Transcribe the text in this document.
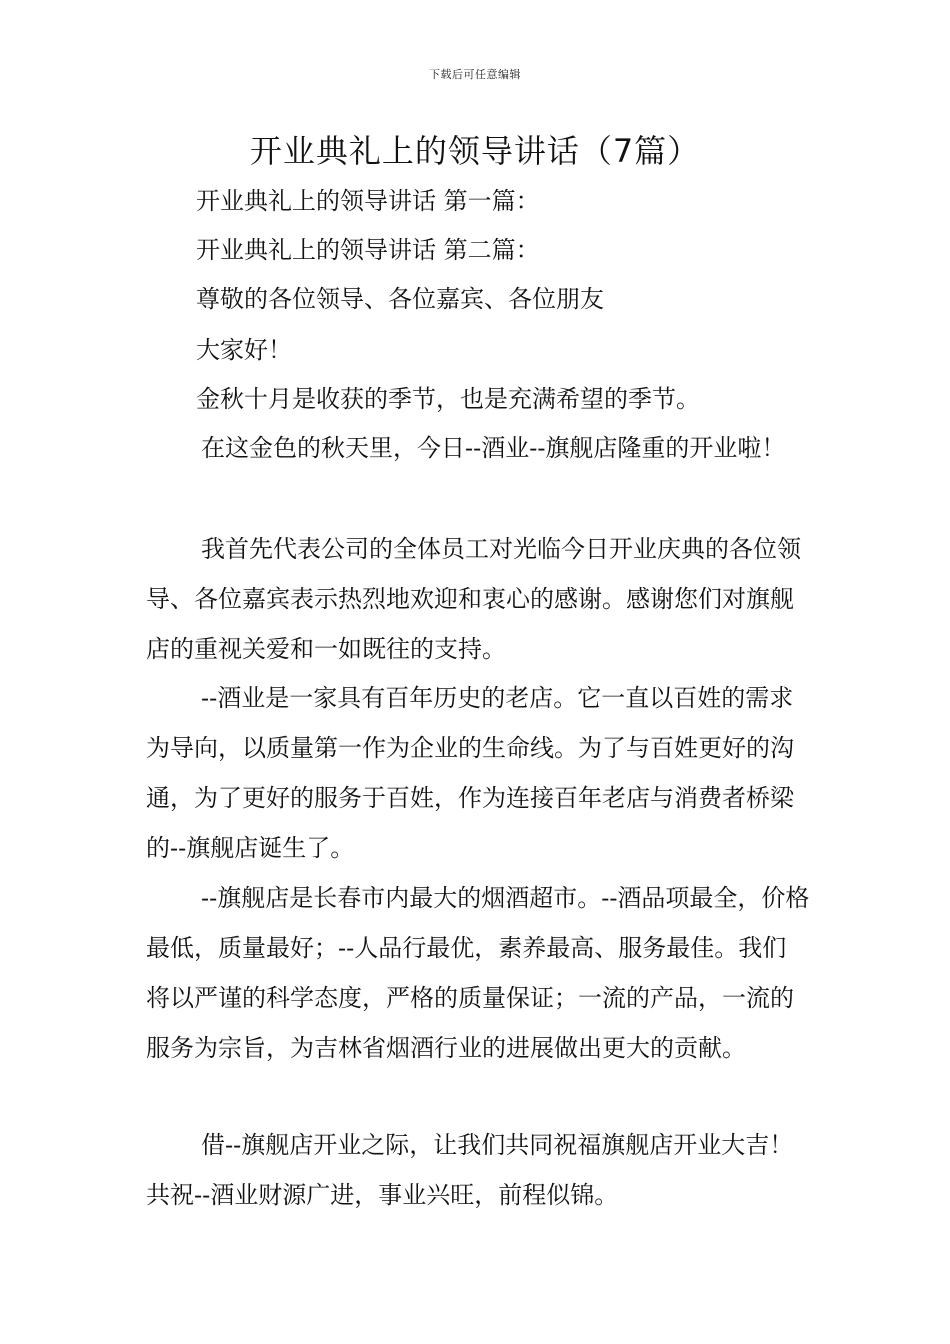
下载后可任意编辑
开业典礼上的领导讲话（7篇）

开业典礼上的领导讲话 第一篇：

开业典礼上的领导讲话 第二篇：

尊敬的各位领导、各位嘉宾、各位朋友

大家好！

金秋十月是收获的季节，也是充满希望的季节。

在这金色的秋天里，今日--酒业--旗舰店隆重的开业啦！

我首先代表公司的全体员工对光临今日开业庆典的各位领导、各位嘉宾表示热烈地欢迎和衷心的感谢。感谢您们对旗舰店的重视关爱和一如既往的支持。

--酒业是一家具有百年历史的老店。它一直以百姓的需求为导向，以质量第一作为企业的生命线。为了与百姓更好的沟通，为了更好的服务于百姓，作为连接百年老店与消费者桥梁的--旗舰店诞生了。

--旗舰店是长春市内最大的烟酒超市。--酒品项最全，价格最低，质量最好；--人品行最优，素养最高、服务最佳。我们将以严谨的科学态度，严格的质量保证；一流的产品，一流的服务为宗旨，为吉林省烟酒行业的进展做出更大的贡献。

借--旗舰店开业之际，让我们共同祝福旗舰店开业大吉！共祝--酒业财源广进，事业兴旺，前程似锦。
